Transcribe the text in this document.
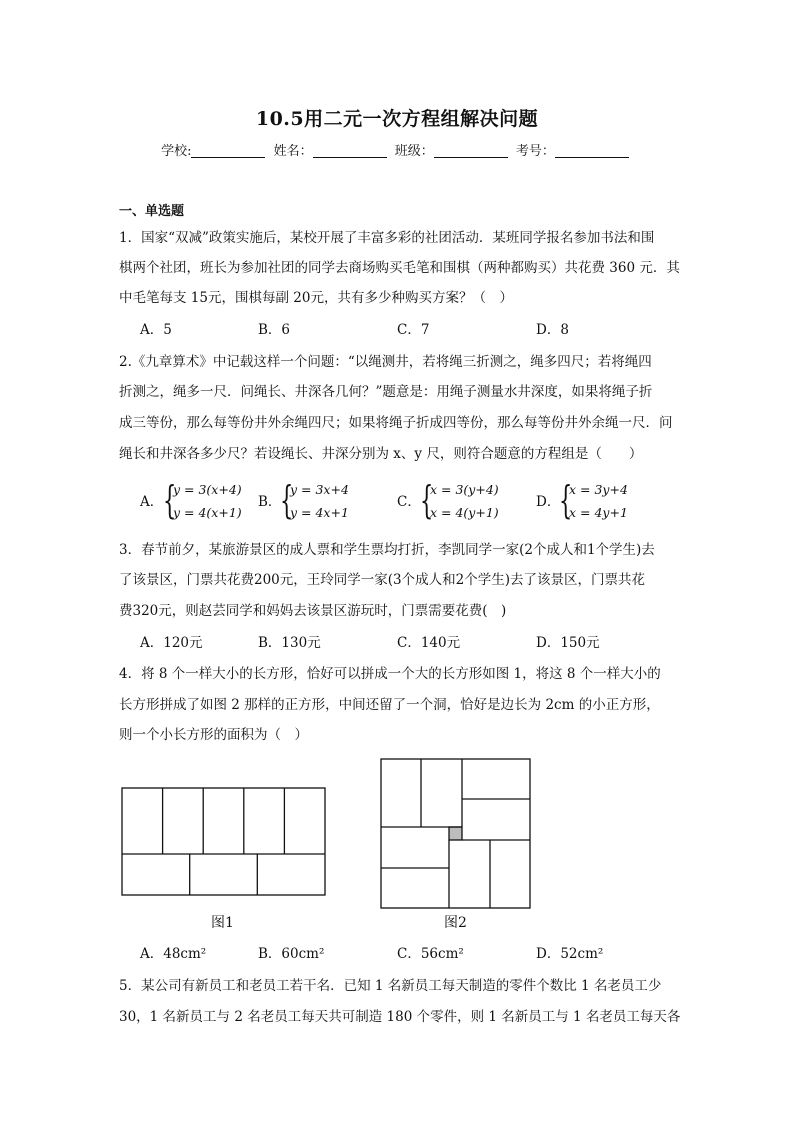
10.5用二元一次方程组解决问题
学校:	姓名：	班级：	考号：
一、单选题
1．国家“双减”政策实施后，某校开展了丰富多彩的社团活动．某班同学报名参加书法和围
棋两个社团，班长为参加社团的同学去商场购买毛笔和围棋（两种都购买）共花费 360 元．其
中毛笔每支 15元，围棋每副 20元，共有多少种购买方案？（　）
A．5	B．6	C．7	D．8
2.《九章算术》中记载这样一个问题：“以绳测井，若将绳三折测之，绳多四尺；若将绳四
折测之，绳多一尺．问绳长、井深各几何？”题意是：用绳子测量水井深度，如果将绳子折
成三等份，那么每等份井外余绳四尺；如果将绳子折成四等份，那么每等份井外余绳一尺．问
绳长和井深各多少尺？若设绳长、井深分别为 x、y 尺，则符合题意的方程组是（　　）
A． {
y = 3(x+4)
y = 4(x+1)
B．
{
y = 3x+4
y = 4x+1
C． {
x = 3(y+4)
x = 4(y+1)
D．
{
x = 3y+4
x = 4y+1
3．春节前夕，某旅游景区的成人票和学生票均打折，李凯同学一家(2个成人和1个学生)去
了该景区，门票共花费200元，王玲同学一家(3个成人和2个学生)去了该景区，门票共花
费320元，则赵芸同学和妈妈去该景区游玩时，门票需要花费(　)
A．120元	B．130元	C．140元	D．150元
4．将 8 个一样大小的长方形，恰好可以拼成一个大的长方形如图 1，将这 8 个一样大小的
长方形拼成了如图 2 那样的正方形，中间还留了一个洞，恰好是边长为 2cm 的小正方形，
则一个小长方形的面积为（　）
图1	图2
A．48cm²	B．60cm²	C．56cm²	D．52cm²
5．某公司有新员工和老员工若干名．已知 1 名新员工每天制造的零件个数比 1 名老员工少
30，1 名新员工与 2 名老员工每天共可制造 180 个零件，则 1 名新员工与 1 名老员工每天各
